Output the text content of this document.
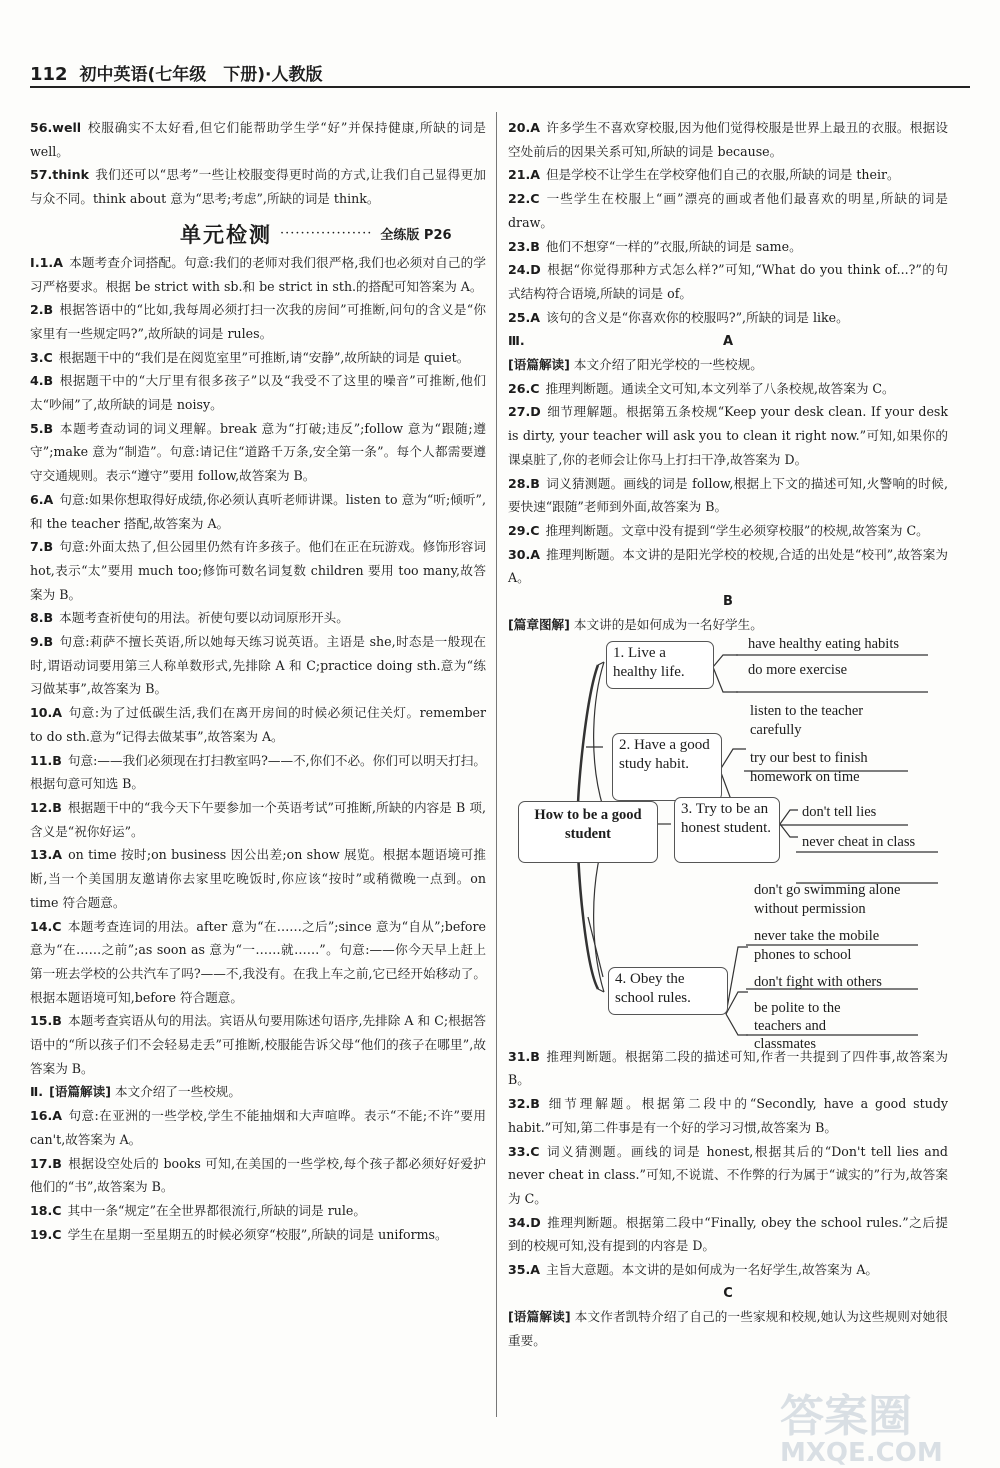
112 初中英语(七年级　下册)·人教版

56.well 校服确实不太好看,但它们能帮助学生学“好”并保持健康,所缺的词是 well。

57.think 我们还可以“思考”一些让校服变得更时尚的方式,让我们自己显得更加与众不同。think about 意为“思考;考虑”,所缺的词是 think。

单元检测 ·················· 全练版 P26

Ⅰ.1.A 本题考查介词搭配。句意:我们的老师对我们很严格,我们也必须对自己的学习严格要求。根据 be strict with sb.和 be strict in sth.的搭配可知答案为 A。

2.B 根据答语中的“比如,我每周必须打扫一次我的房间”可推断,问句的含义是“你家里有一些规定吗?”,故所缺的词是 rules。

3.C 根据题干中的“我们是在阅览室里”可推断,请“安静”,故所缺的词是 quiet。

4.B 根据题干中的“大厅里有很多孩子”以及“我受不了这里的噪音”可推断,他们太“吵闹”了,故所缺的词是 noisy。

5.B 本题考查动词的词义理解。break 意为“打破;违反”;follow 意为“跟随;遵守”;make 意为“制造”。句意:请记住“道路千万条,安全第一条”。每个人都需要遵守交通规则。表示“遵守”要用 follow,故答案为 B。

6.A 句意:如果你想取得好成绩,你必须认真听老师讲课。listen to 意为“听;倾听”,和 the teacher 搭配,故答案为 A。

7.B 句意:外面太热了,但公园里仍然有许多孩子。他们在正在玩游戏。修饰形容词 hot,表示“太”要用 much too;修饰可数名词复数 children 要用 too many,故答案为 B。

8.B 本题考查祈使句的用法。祈使句要以动词原形开头。

9.B 句意:莉萨不擅长英语,所以她每天练习说英语。主语是 she,时态是一般现在时,谓语动词要用第三人称单数形式,先排除 A 和 C;practice doing sth.意为“练习做某事”,故答案为 B。

10.A 句意:为了过低碳生活,我们在离开房间的时候必须记住关灯。remember to do sth.意为“记得去做某事”,故答案为 A。

11.B 句意:——我们必须现在打扫教室吗?——不,你们不必。你们可以明天打扫。根据句意可知选 B。

12.B 根据题干中的“我今天下午要参加一个英语考试”可推断,所缺的内容是 B 项,含义是“祝你好运”。

13.A on time 按时;on business 因公出差;on show 展览。根据本题语境可推断,当一个美国朋友邀请你去家里吃晚饭时,你应该“按时”或稍微晚一点到。on time 符合题意。

14.C 本题考查连词的用法。after 意为“在……之后”;since 意为“自从”;before 意为“在……之前”;as soon as 意为“一……就……”。句意:——你今天早上赶上第一班去学校的公共汽车了吗?——不,我没有。在我上车之前,它已经开始移动了。根据本题语境可知,before 符合题意。

15.B 本题考查宾语从句的用法。宾语从句要用陈述句语序,先排除 A 和 C;根据答语中的“所以孩子们不会轻易走丢”可推断,校服能告诉父母“他们的孩子在哪里”,故答案为 B。

Ⅱ. [语篇解读] 本文介绍了一些校规。

16.A 句意:在亚洲的一些学校,学生不能抽烟和大声喧哗。表示“不能;不许”要用 can't,故答案为 A。

17.B 根据设空处后的 books 可知,在美国的一些学校,每个孩子都必须好好爱护他们的“书”,故答案为 B。

18.C 其中一条“规定”在全世界都很流行,所缺的词是 rule。

19.C 学生在星期一至星期五的时候必须穿“校服”,所缺的词是 uniforms。

20.A 许多学生不喜欢穿校服,因为他们觉得校服是世界上最丑的衣服。根据设空处前后的因果关系可知,所缺的词是 because。

21.A 但是学校不让学生在学校穿他们自己的衣服,所缺的词是 their。

22.C 一些学生在校服上“画”漂亮的画或者他们最喜欢的明星,所缺的词是 draw。

23.B 他们不想穿“一样的”衣服,所缺的词是 same。

24.D 根据“你觉得那种方式怎么样?”可知,“What do you think of...?”的句式结构符合语境,所缺的词是 of。

25.A 该句的含义是“你喜欢你的校服吗?”,所缺的词是 like。

Ⅲ.	A

[语篇解读] 本文介绍了阳光学校的一些校规。

26.C 推理判断题。通读全文可知,本文列举了八条校规,故答案为 C。

27.D 细节理解题。根据第五条校规“Keep your desk clean. If your desk is dirty, your teacher will ask you to clean it right now.”可知,如果你的课桌脏了,你的老师会让你马上打扫干净,故答案为 D。

28.B 词义猜测题。画线的词是 follow,根据上下文的描述可知,火警响的时候,要快速“跟随”老师到外面,故答案为 B。

29.C 推理判断题。文章中没有提到“学生必须穿校服”的校规,故答案为 C。

30.A 推理判断题。本文讲的是阳光学校的校规,合适的出处是“校刊”,故答案为 A。

B

[篇章图解] 本文讲的是如何成为一名好学生。

How to be a good student
1. Live a healthy life.
have healthy eating habits
do more exercise
2. Have a good study habit.
listen to the teacher
carefully
try our best to finish
homework on time
3. Try to be an honest student.
don't tell lies
never cheat in class
4. Obey the school rules.
don't go swimming alone
without permission
never take the mobile
phones to school
don't fight with others
be polite to the
teachers and
classmates

31.B 推理判断题。根据第二段的描述可知,作者一共提到了四件事,故答案为 B。

32.B 细节理解题。根据第二段中的“Secondly, have a good study habit.”可知,第二件事是有一个好的学习习惯,故答案为 B。

33.C 词义猜测题。画线的词是 honest,根据其后的“Don't tell lies and never cheat in class.”可知,不说谎、不作弊的行为属于“诚实的”行为,故答案为 C。

34.D 推理判断题。根据第二段中“Finally, obey the school rules.”之后提到的校规可知,没有提到的内容是 D。

35.A 主旨大意题。本文讲的是如何成为一名好学生,故答案为 A。

C

[语篇解读] 本文作者凯特介绍了自己的一些家规和校规,她认为这些规则对她很重要。

答案圈
MXQE.COM
